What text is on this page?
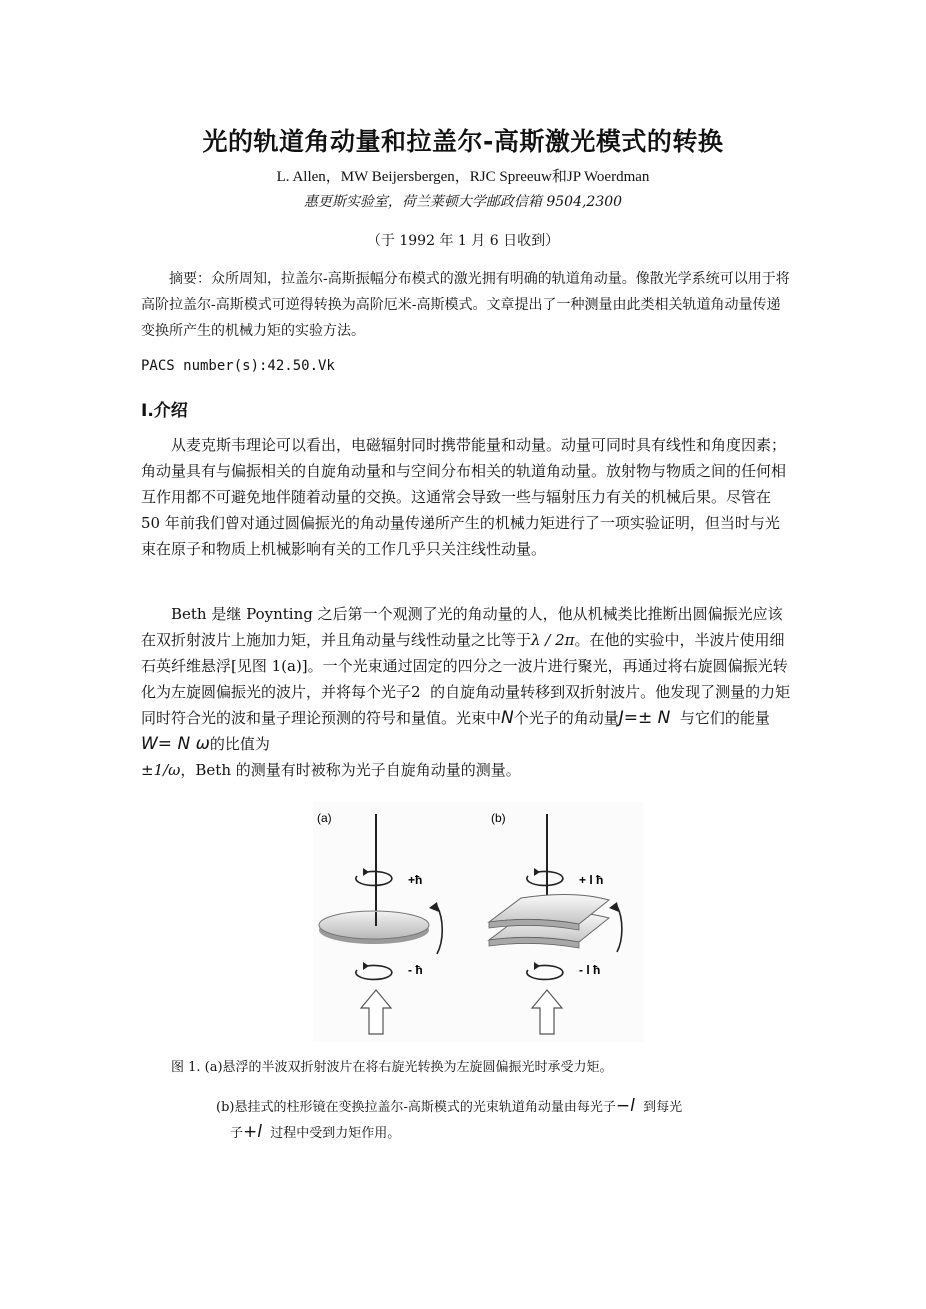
光的轨道角动量和拉盖尔-高斯激光模式的转换
L. Allen，MW Beijersbergen，RJC Spreeuw和JP Woerdman
惠更斯实验室，荷兰莱顿大学邮政信箱 9504,2300
（于 1992 年 1 月 6 日收到）
摘要：众所周知，拉盖尔-高斯振幅分布模式的激光拥有明确的轨道角动量。像散光学系统可以用于将高阶拉盖尔-高斯模式可逆得转换为高阶厄米-高斯模式。文章提出了一种测量由此类相关轨道角动量传递变换所产生的机械力矩的实验方法。
PACS number(s):42.50.Vk
Ⅰ.介绍
从麦克斯韦理论可以看出，电磁辐射同时携带能量和动量。动量可同时具有线性和角度因素；角动量具有与偏振相关的自旋角动量和与空间分布相关的轨道角动量。放射物与物质之间的任何相互作用都不可避免地伴随着动量的交换。这通常会导致一些与辐射压力有关的机械后果。尽管在 50 年前我们曾对通过圆偏振光的角动量传递所产生的机械力矩进行了一项实验证明，但当时与光束在原子和物质上机械影响有关的工作几乎只关注线性动量。
Beth 是继 Poynting 之后第一个观测了光的角动量的人，他从机械类比推断出圆偏振光应该在双折射波片上施加力矩，并且角动量与线性动量之比等于λ / 2π。在他的实验中，半波片使用细石英纤维悬浮[见图 1(a)]。一个光束通过固定的四分之一波片进行聚光，再通过将右旋圆偏振光转化为左旋圆偏振光的波片，并将每个光子2 的自旋角动量转移到双折射波片。他发现了测量的力矩同时符合光的波和量子理论预测的符号和量值。光束中N个光子的角动量J=± N 与它们的能量W= N ω的比值为
±1/ω，Beth 的测量有时被称为光子自旋角动量的测量。
(a)
+ħ
- ħ
(b)
+ l ħ
- l ħ
图 1. (a)悬浮的半波双折射波片在将右旋光转换为左旋圆偏振光时承受力矩。
(b)悬挂式的柱形镜在变换拉盖尔-高斯模式的光束轨道角动量由每光子−l 到每光
子+l 过程中受到力矩作用。
